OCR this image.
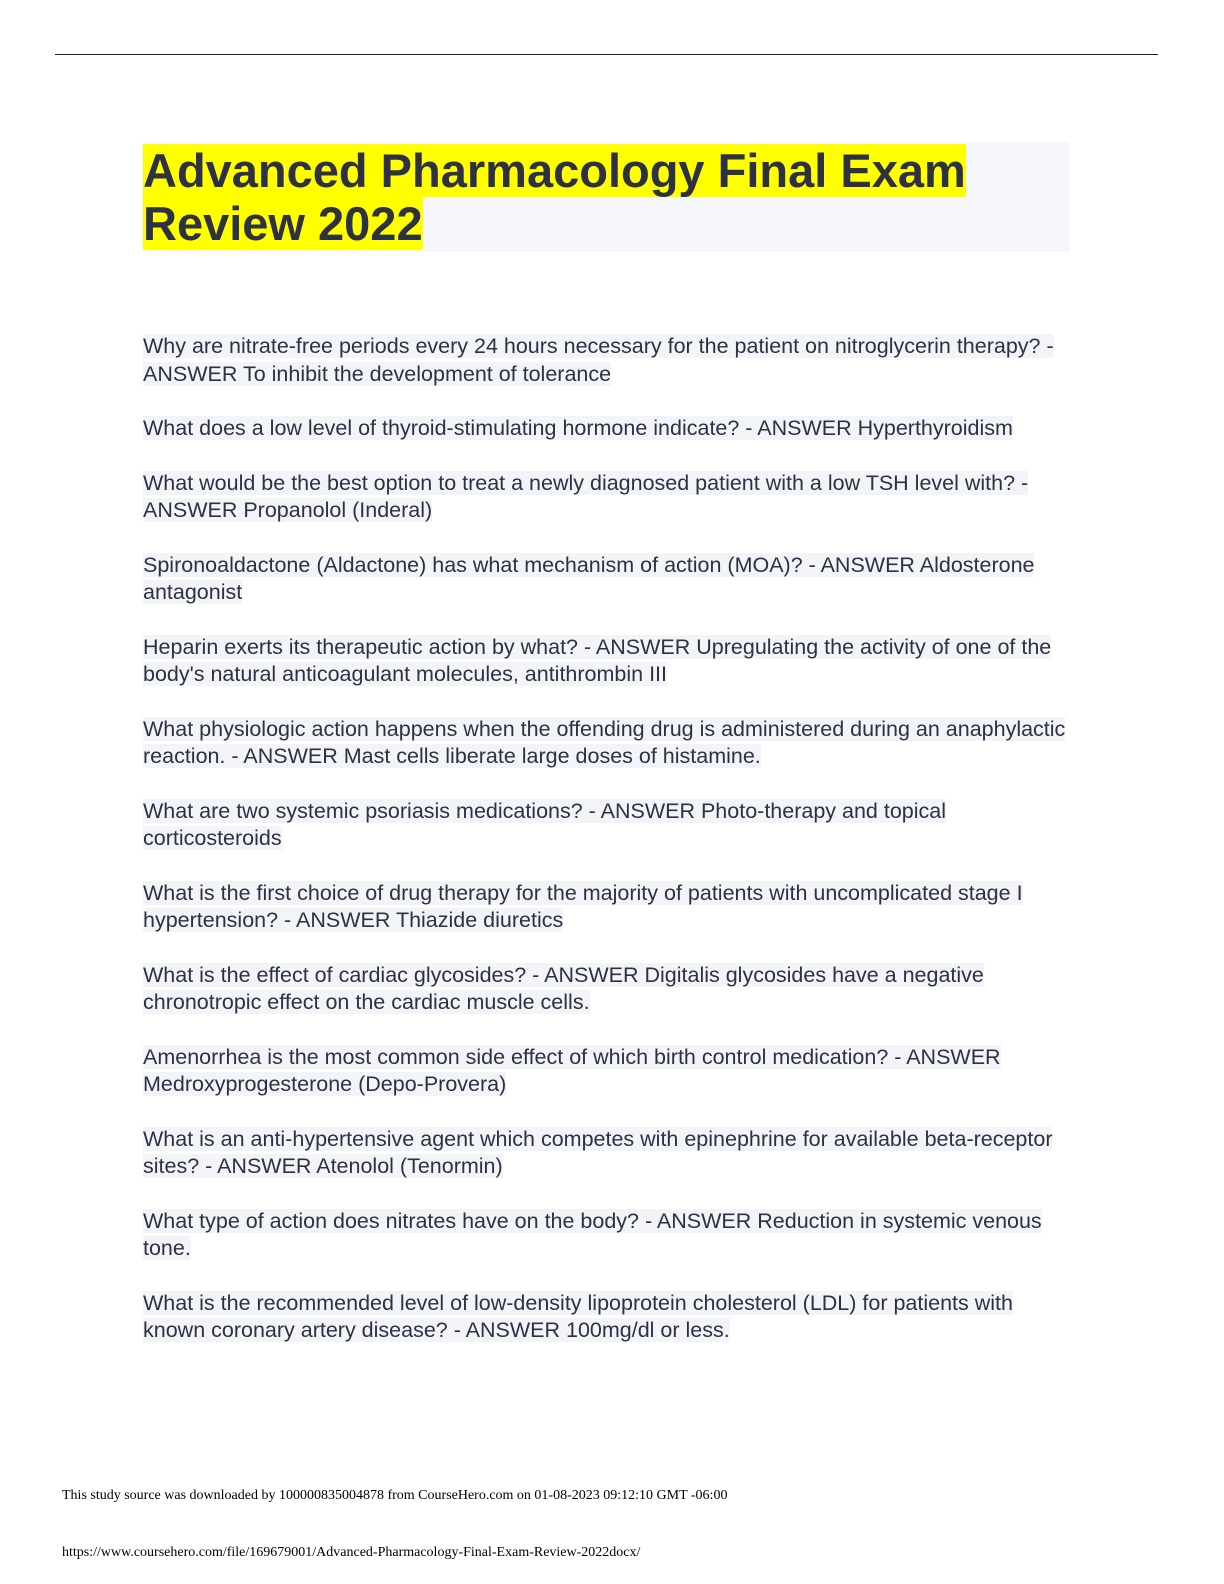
Advanced Pharmacology Final Exam Review 2022

Why are nitrate-free periods every 24 hours necessary for the patient on nitroglycerin therapy? - ANSWER To inhibit the development of tolerance

What does a low level of thyroid-stimulating hormone indicate? - ANSWER Hyperthyroidism

What would be the best option to treat a newly diagnosed patient with a low TSH level with? - ANSWER Propanolol (Inderal)

Spironoaldactone (Aldactone) has what mechanism of action (MOA)? - ANSWER Aldosterone antagonist

Heparin exerts its therapeutic action by what? - ANSWER Upregulating the activity of one of the body's natural anticoagulant molecules, antithrombin III

What physiologic action happens when the offending drug is administered during an anaphylactic reaction. - ANSWER Mast cells liberate large doses of histamine.

What are two systemic psoriasis medications? - ANSWER Photo-therapy and topical corticosteroids

What is the first choice of drug therapy for the majority of patients with uncomplicated stage I hypertension? - ANSWER Thiazide diuretics

What is the effect of cardiac glycosides? - ANSWER Digitalis glycosides have a negative chronotropic effect on the cardiac muscle cells.

Amenorrhea is the most common side effect of which birth control medication? - ANSWER Medroxyprogesterone (Depo-Provera)

What is an anti-hypertensive agent which competes with epinephrine for available beta-receptor sites? - ANSWER Atenolol (Tenormin)

What type of action does nitrates have on the body? - ANSWER Reduction in systemic venous tone.

What is the recommended level of low-density lipoprotein cholesterol (LDL) for patients with known coronary artery disease? - ANSWER 100mg/dl or less.

This study source was downloaded by 100000835004878 from CourseHero.com on 01-08-2023 09:12:10 GMT -06:00
https://www.coursehero.com/file/169679001/Advanced-Pharmacology-Final-Exam-Review-2022docx/
